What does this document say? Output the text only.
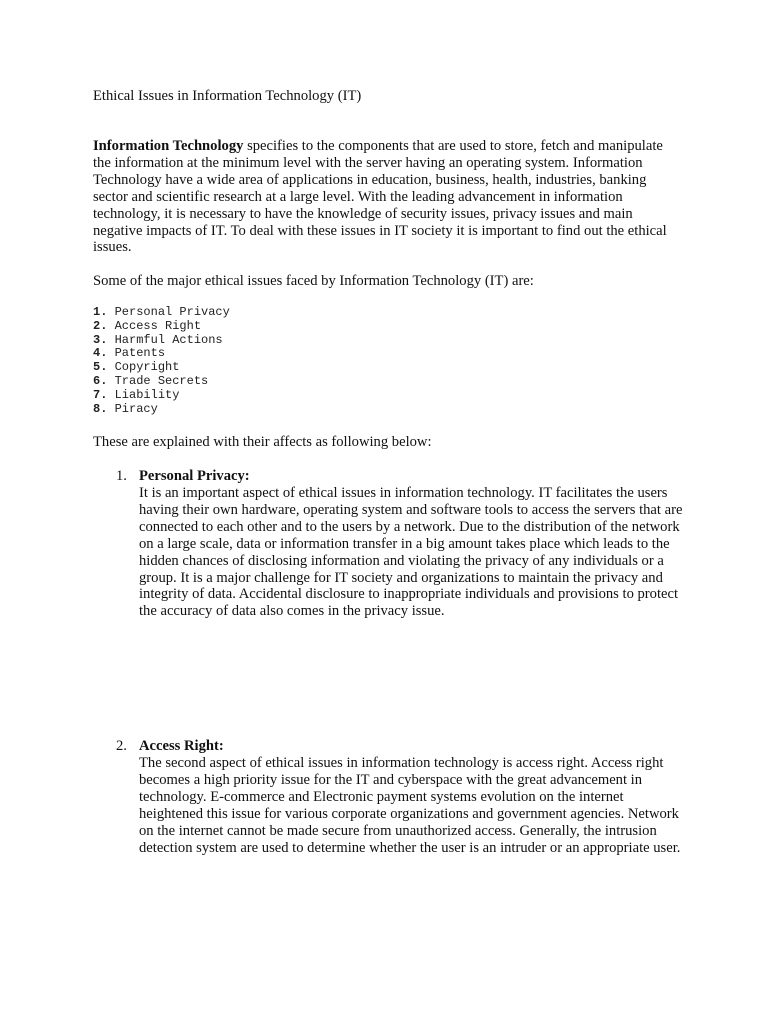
Ethical Issues in Information Technology (IT)
Information Technology specifies to the components that are used to store, fetch and manipulate the information at the minimum level with the server having an operating system. Information Technology have a wide area of applications in education, business, health, industries, banking sector and scientific research at a large level. With the leading advancement in information technology, it is necessary to have the knowledge of security issues, privacy issues and main negative impacts of IT. To deal with these issues in IT society it is important to find out the ethical issues.
Some of the major ethical issues faced by Information Technology (IT) are:
1. Personal Privacy
2. Access Right
3. Harmful Actions
4. Patents
5. Copyright
6. Trade Secrets
7. Liability
8. Piracy
These are explained with their affects as following below:
1. Personal Privacy:
It is an important aspect of ethical issues in information technology. IT facilitates the users having their own hardware, operating system and software tools to access the servers that are connected to each other and to the users by a network. Due to the distribution of the network on a large scale, data or information transfer in a big amount takes place which leads to the hidden chances of disclosing information and violating the privacy of any individuals or a group. It is a major challenge for IT society and organizations to maintain the privacy and integrity of data. Accidental disclosure to inappropriate individuals and provisions to protect the accuracy of data also comes in the privacy issue.
2. Access Right:
The second aspect of ethical issues in information technology is access right. Access right becomes a high priority issue for the IT and cyberspace with the great advancement in technology. E-commerce and Electronic payment systems evolution on the internet heightened this issue for various corporate organizations and government agencies. Network on the internet cannot be made secure from unauthorized access. Generally, the intrusion detection system are used to determine whether the user is an intruder or an appropriate user.
